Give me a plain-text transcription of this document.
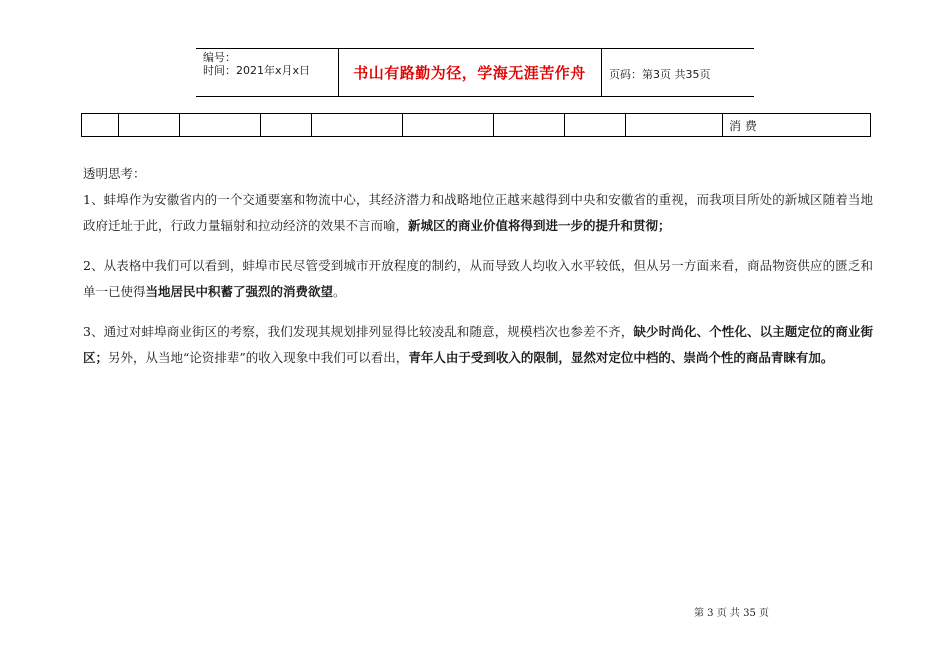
编号：
时间：2021年x月x日	书山有路勤为径，学海无涯苦作舟	页码：第3页 共35页
									消 费

透明思考：

1、蚌埠作为安徽省内的一个交通要塞和物流中心，其经济潜力和战略地位正越来越得到中央和安徽省的重视，而我项目所处的新城区随着当地政府迁址于此，行政力量辐射和拉动经济的效果不言而喻，新城区的商业价值将得到进一步的提升和贯彻；

2、从表格中我们可以看到，蚌埠市民尽管受到城市开放程度的制约，从而导致人均收入水平较低，但从另一方面来看，商品物资供应的匮乏和单一已使得当地居民中积蓄了强烈的消费欲望。

3、通过对蚌埠商业街区的考察，我们发现其规划排列显得比较凌乱和随意，规模档次也参差不齐，缺少时尚化、个性化、以主题定位的商业街区；另外，从当地“论资排辈”的收入现象中我们可以看出，青年人由于受到收入的限制，显然对定位中档的、崇尚个性的商品青睐有加。

第 3 页 共 35 页
